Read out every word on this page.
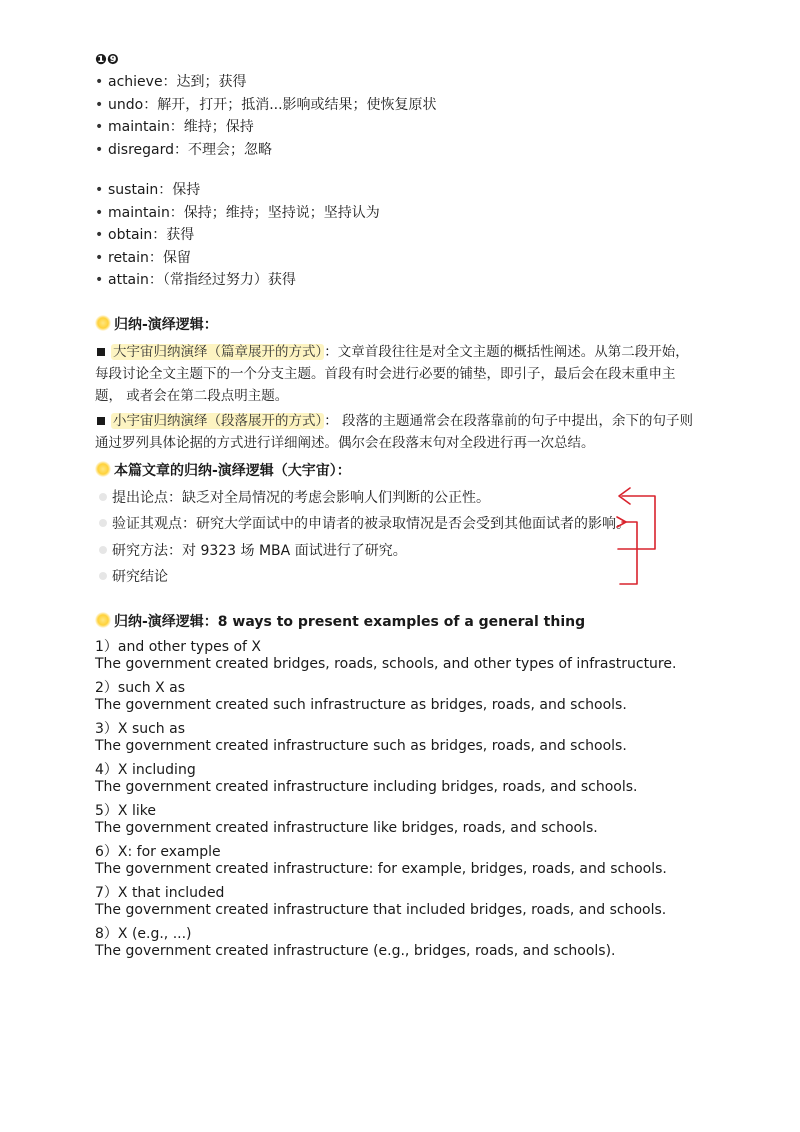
❶❾
• achieve：达到；获得
• undo：解开，打开；抵消...影响或结果；使恢复原状
• maintain：维持；保持
• disregard：不理会；忽略
• sustain：保持
• maintain：保持；维持；坚持说；坚持认为
• obtain：获得
• retain：保留
• attain：（常指经过努力）获得
归纳-演绎逻辑：
大宇宙归纳演绎（篇章展开的方式） ：文章首段往往是对全文主题的概括性阐述。从第二段开始，
每段讨论全文主题下的一个分支主题。首段有时会进行必要的铺垫，即引子，最后会在段末重申主
题， 或者会在第二段点明主题。
小宇宙归纳演绎（段落展开的方式） ： 段落的主题通常会在段落靠前的句子中提出，余下的句子则
通过罗列具体论据的方式进行详细阐述。偶尔会在段落末句对全段进行再一次总结。
本篇文章的归纳-演绎逻辑（大宇宙）：
提出论点：缺乏对全局情况的考虑会影响人们判断的公正性。
验证其观点：研究大学面试中的申请者的被录取情况是否会受到其他面试者的影响。
研究方法：对 9323 场 MBA 面试进行了研究。
研究结论
归纳-演绎逻辑：8 ways to present examples of a general thing
1）and other types of X
The government created bridges, roads, schools, and other types of infrastructure.
2）such X as
The government created such infrastructure as bridges, roads, and schools.
3）X such as
The government created infrastructure such as bridges, roads, and schools.
4）X including
The government created infrastructure including bridges, roads, and schools.
5）X like
The government created infrastructure like bridges, roads, and schools.
6）X: for example
The government created infrastructure: for example, bridges, roads, and schools.
7）X that included
The government created infrastructure that included bridges, roads, and schools.
8）X (e.g., ...)
The government created infrastructure (e.g., bridges, roads, and schools).
